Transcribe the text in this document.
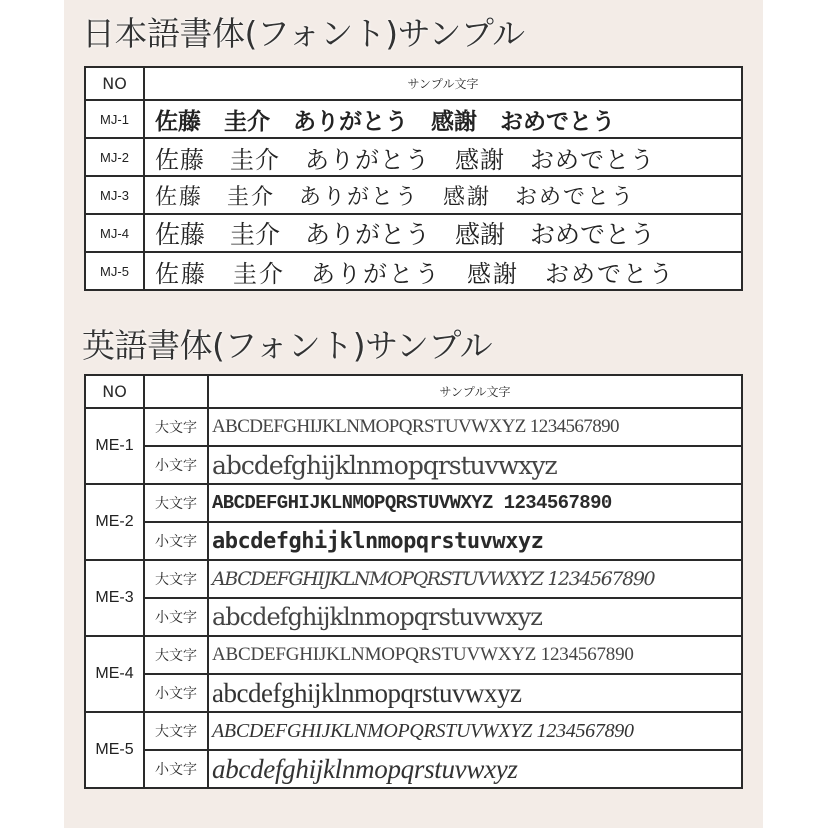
日本語書体(フォント)サンプル
NO	サンプル文字
MJ-1	佐藤　圭介　ありがとう　感謝　おめでとう
MJ-2	佐藤　圭介　ありがとう　感謝　おめでとう
MJ-3	佐藤　圭介　ありがとう　感謝　おめでとう
MJ-4	佐藤　圭介　ありがとう　感謝　おめでとう
MJ-5	佐藤　圭介　ありがとう　感謝　おめでとう
英語書体(フォント)サンプル
NO		サンプル文字
ME-1	大文字	ABCDEFGHIJKLNMOPQRSTUVWXYZ 1234567890
	小文字	abcdefghijklnmopqrstuvwxyz
ME-2	大文字	ABCDEFGHIJKLNMOPQRSTUVWXYZ 1234567890
	小文字	abcdefghijklnmopqrstuvwxyz
ME-3	大文字	ABCDEFGHIJKLNMOPQRSTUVWXYZ 1234567890
	小文字	abcdefghijklnmopqrstuvwxyz
ME-4	大文字	ABCDEFGHIJKLNMOPQRSTUVWXYZ 1234567890
	小文字	abcdefghijklnmopqrstuvwxyz
ME-5	大文字	ABCDEFGHIJKLNMOPQRSTUVWXYZ 1234567890
	小文字	abcdefghijklnmopqrstuvwxyz
